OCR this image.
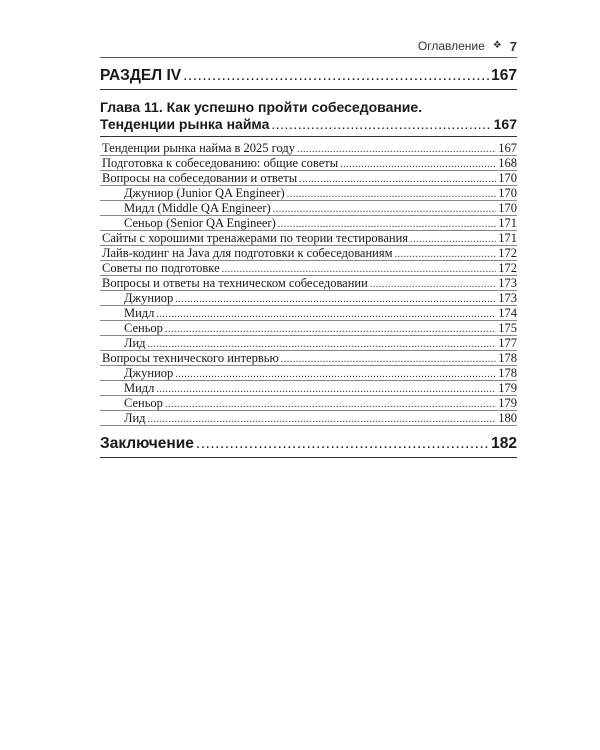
Оглавление ❖ 7
РАЗДЕЛ IV .....	167
Глава 11. Как успешно пройти собеседование.
Тенденции рынка найма .....	167
Тенденции рынка найма в 2025 году .....	167
Подготовка к собеседованию: общие советы .....	168
Вопросы на собеседовании и ответы .....	170
Джуниор (Junior QA Engineer) .....	170
Мидл (Middle QA Engineer) .....	170
Сеньор (Senior QA Engineer) .....	171
Сайты с хорошими тренажерами по теории тестирования .....	171
Лайв-кодинг на Java для подготовки к собеседованиям .....	172
Советы по подготовке .....	172
Вопросы и ответы на техническом собеседовании .....	173
Джуниор .....	173
Мидл .....	174
Сеньор .....	175
Лид .....	177
Вопросы технического интервью .....	178
Джуниор .....	178
Мидл .....	179
Сеньор .....	179
Лид .....	180
Заключение .....	182
